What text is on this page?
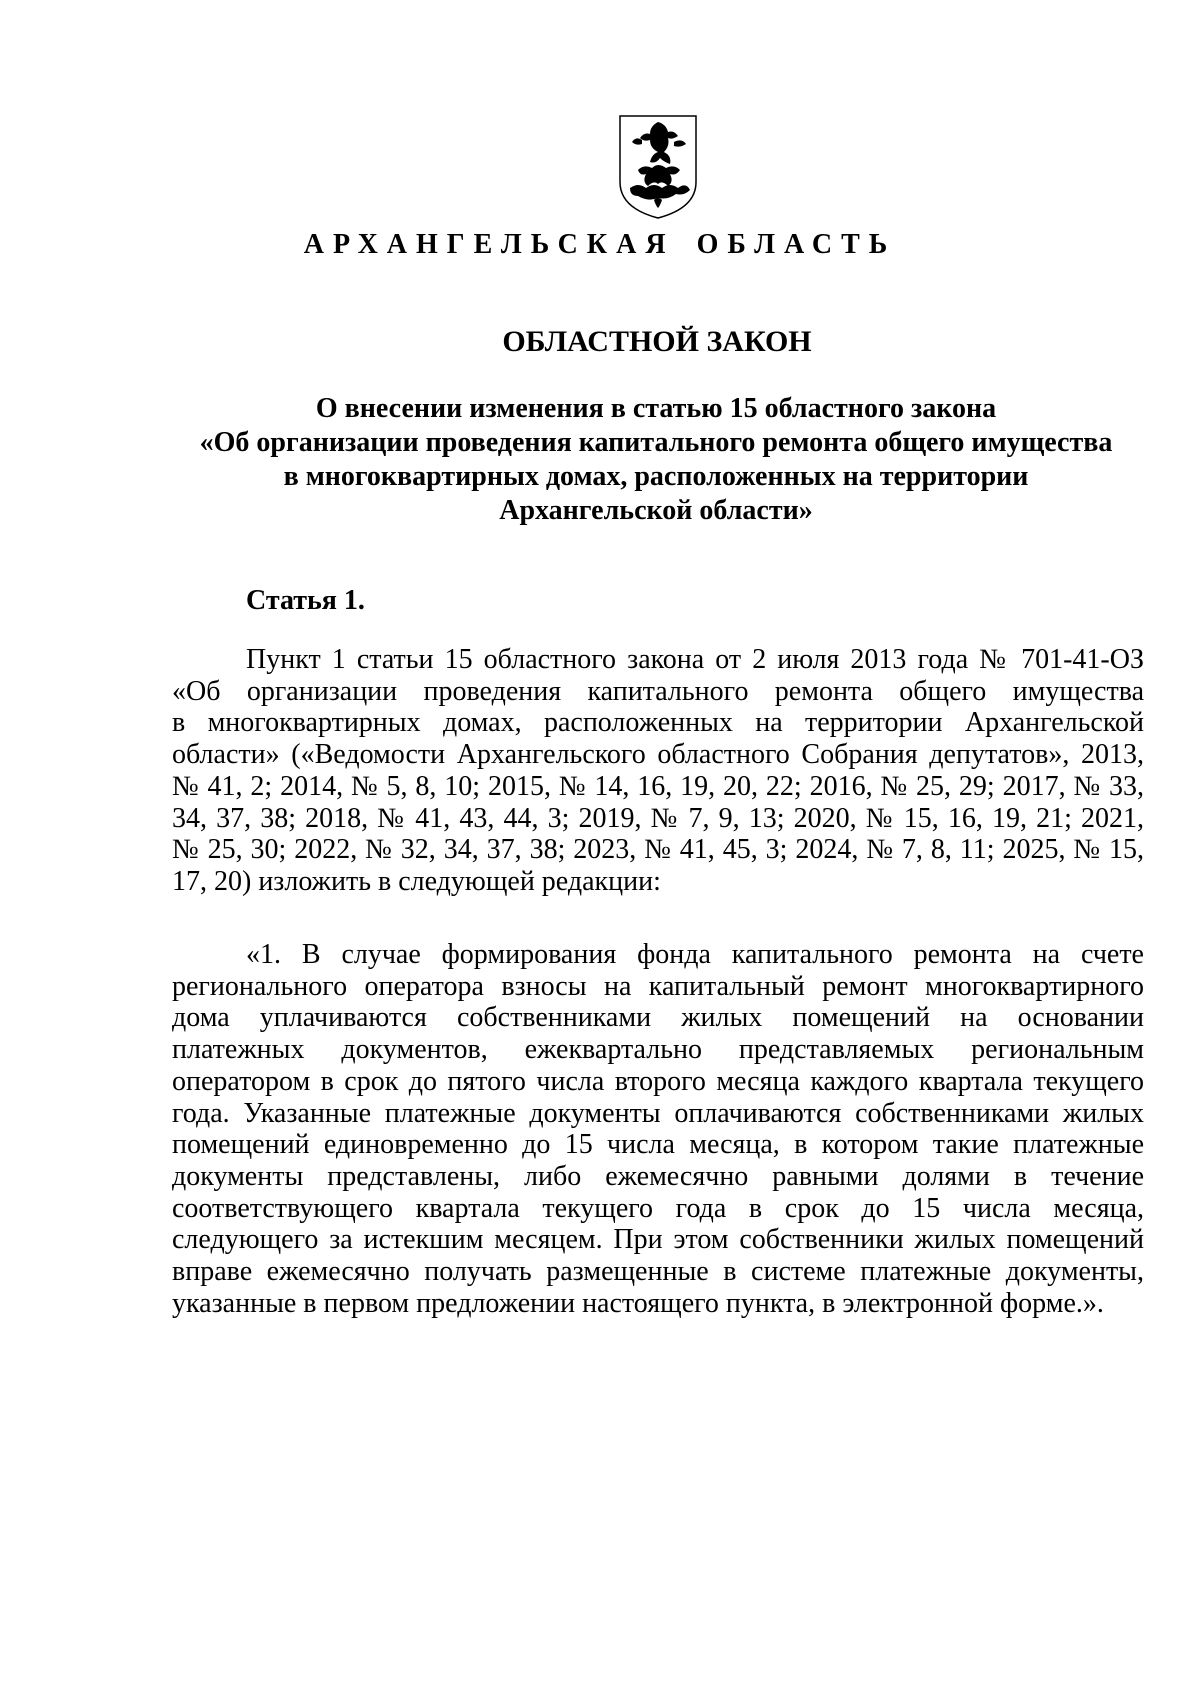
АРХАНГЕЛЬСКАЯ ОБЛАСТЬ
ОБЛАСТНОЙ ЗАКОН
О внесении изменения в статью 15 областного закона
«Об организации проведения капитального ремонта общего имущества
в многоквартирных домах, расположенных на территории
Архангельской области»
Статья 1.
Пункт 1 статьи 15 областного закона от 2 июля 2013 года № 701-41-ОЗ
«Об организации проведения капитального ремонта общего имущества
в многоквартирных домах, расположенных на территории Архангельской
области» («Ведомости Архангельского областного Собрания депутатов», 2013,
№ 41, 2; 2014, № 5, 8, 10; 2015, № 14, 16, 19, 20, 22; 2016, № 25, 29; 2017, № 33,
34, 37, 38; 2018, № 41, 43, 44, 3; 2019, № 7, 9, 13; 2020, № 15, 16, 19, 21; 2021,
№ 25, 30; 2022, № 32, 34, 37, 38; 2023, № 41, 45, 3; 2024, № 7, 8, 11; 2025, № 15,
17, 20) изложить в следующей редакции:
«1. В случае формирования фонда капитального ремонта на счете
регионального оператора взносы на капитальный ремонт многоквартирного
дома уплачиваются собственниками жилых помещений на основании
платежных документов, ежеквартально представляемых региональным
оператором в срок до пятого числа второго месяца каждого квартала текущего
года. Указанные платежные документы оплачиваются собственниками жилых
помещений единовременно до 15 числа месяца, в котором такие платежные
документы представлены, либо ежемесячно равными долями в течение
соответствующего квартала текущего года в срок до 15 числа месяца,
следующего за истекшим месяцем. При этом собственники жилых помещений
вправе ежемесячно получать размещенные в системе платежные документы,
указанные в первом предложении настоящего пункта, в электронной форме.».
